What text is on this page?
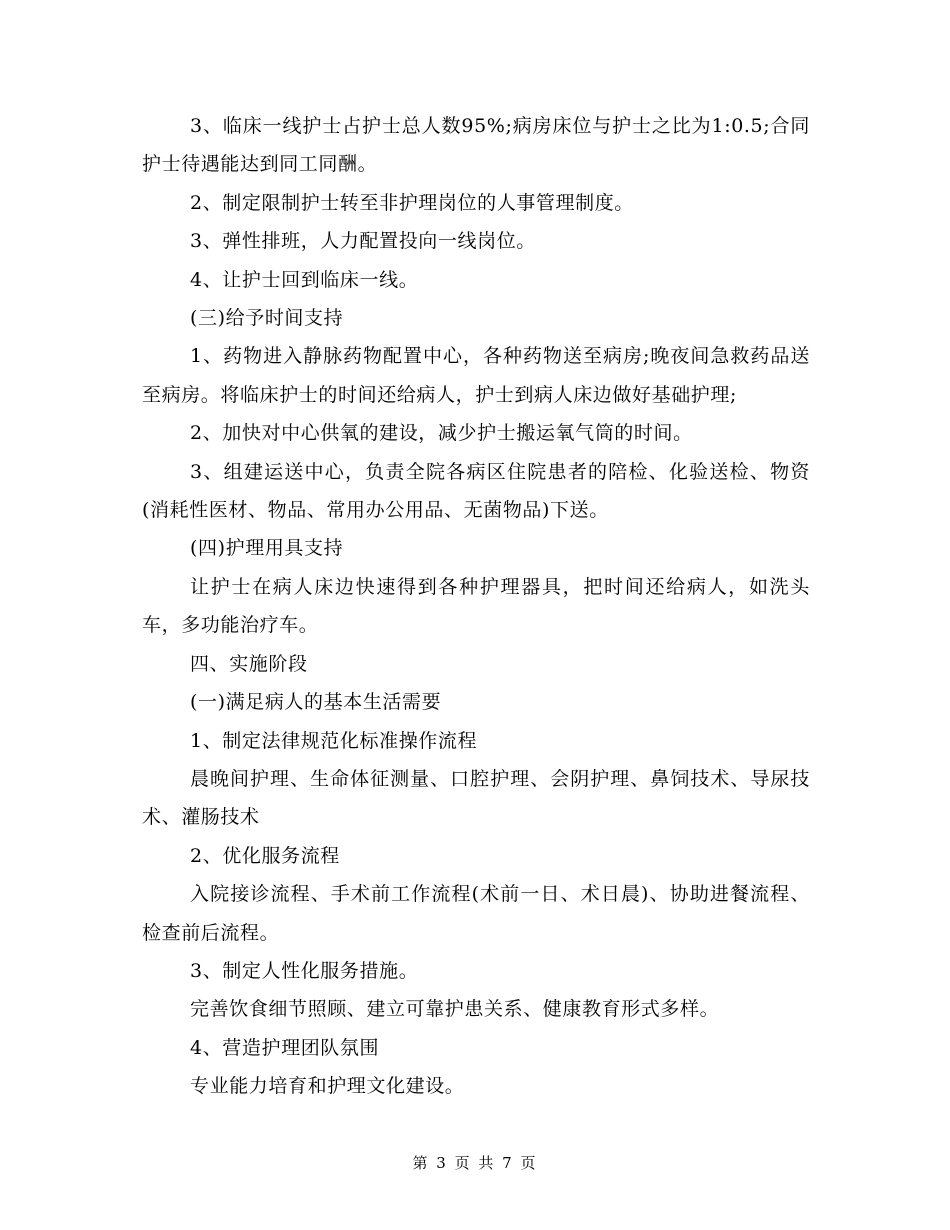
3、临床一线护士占护士总人数95%;病房床位与护士之比为1:0.5;合同护士待遇能达到同工同酬。

2、制定限制护士转至非护理岗位的人事管理制度。

3、弹性排班，人力配置投向一线岗位。

4、让护士回到临床一线。

(三)给予时间支持

1、药物进入静脉药物配置中心，各种药物送至病房;晚夜间急救药品送至病房。将临床护士的时间还给病人，护士到病人床边做好基础护理;

2、加快对中心供氧的建设，减少护士搬运氧气筒的时间。

3、组建运送中心，负责全院各病区住院患者的陪检、化验送检、物资(消耗性医材、物品、常用办公用品、无菌物品)下送。

(四)护理用具支持

让护士在病人床边快速得到各种护理器具，把时间还给病人，如洗头车，多功能治疗车。

四、实施阶段

(一)满足病人的基本生活需要

1、制定法律规范化标准操作流程

晨晚间护理、生命体征测量、口腔护理、会阴护理、鼻饲技术、导尿技术、灌肠技术

2、优化服务流程

入院接诊流程、手术前工作流程(术前一日、术日晨)、协助进餐流程、检查前后流程。

3、制定人性化服务措施。

完善饮食细节照顾、建立可靠护患关系、健康教育形式多样。

4、营造护理团队氛围

专业能力培育和护理文化建设。

第 3 页 共 7 页
